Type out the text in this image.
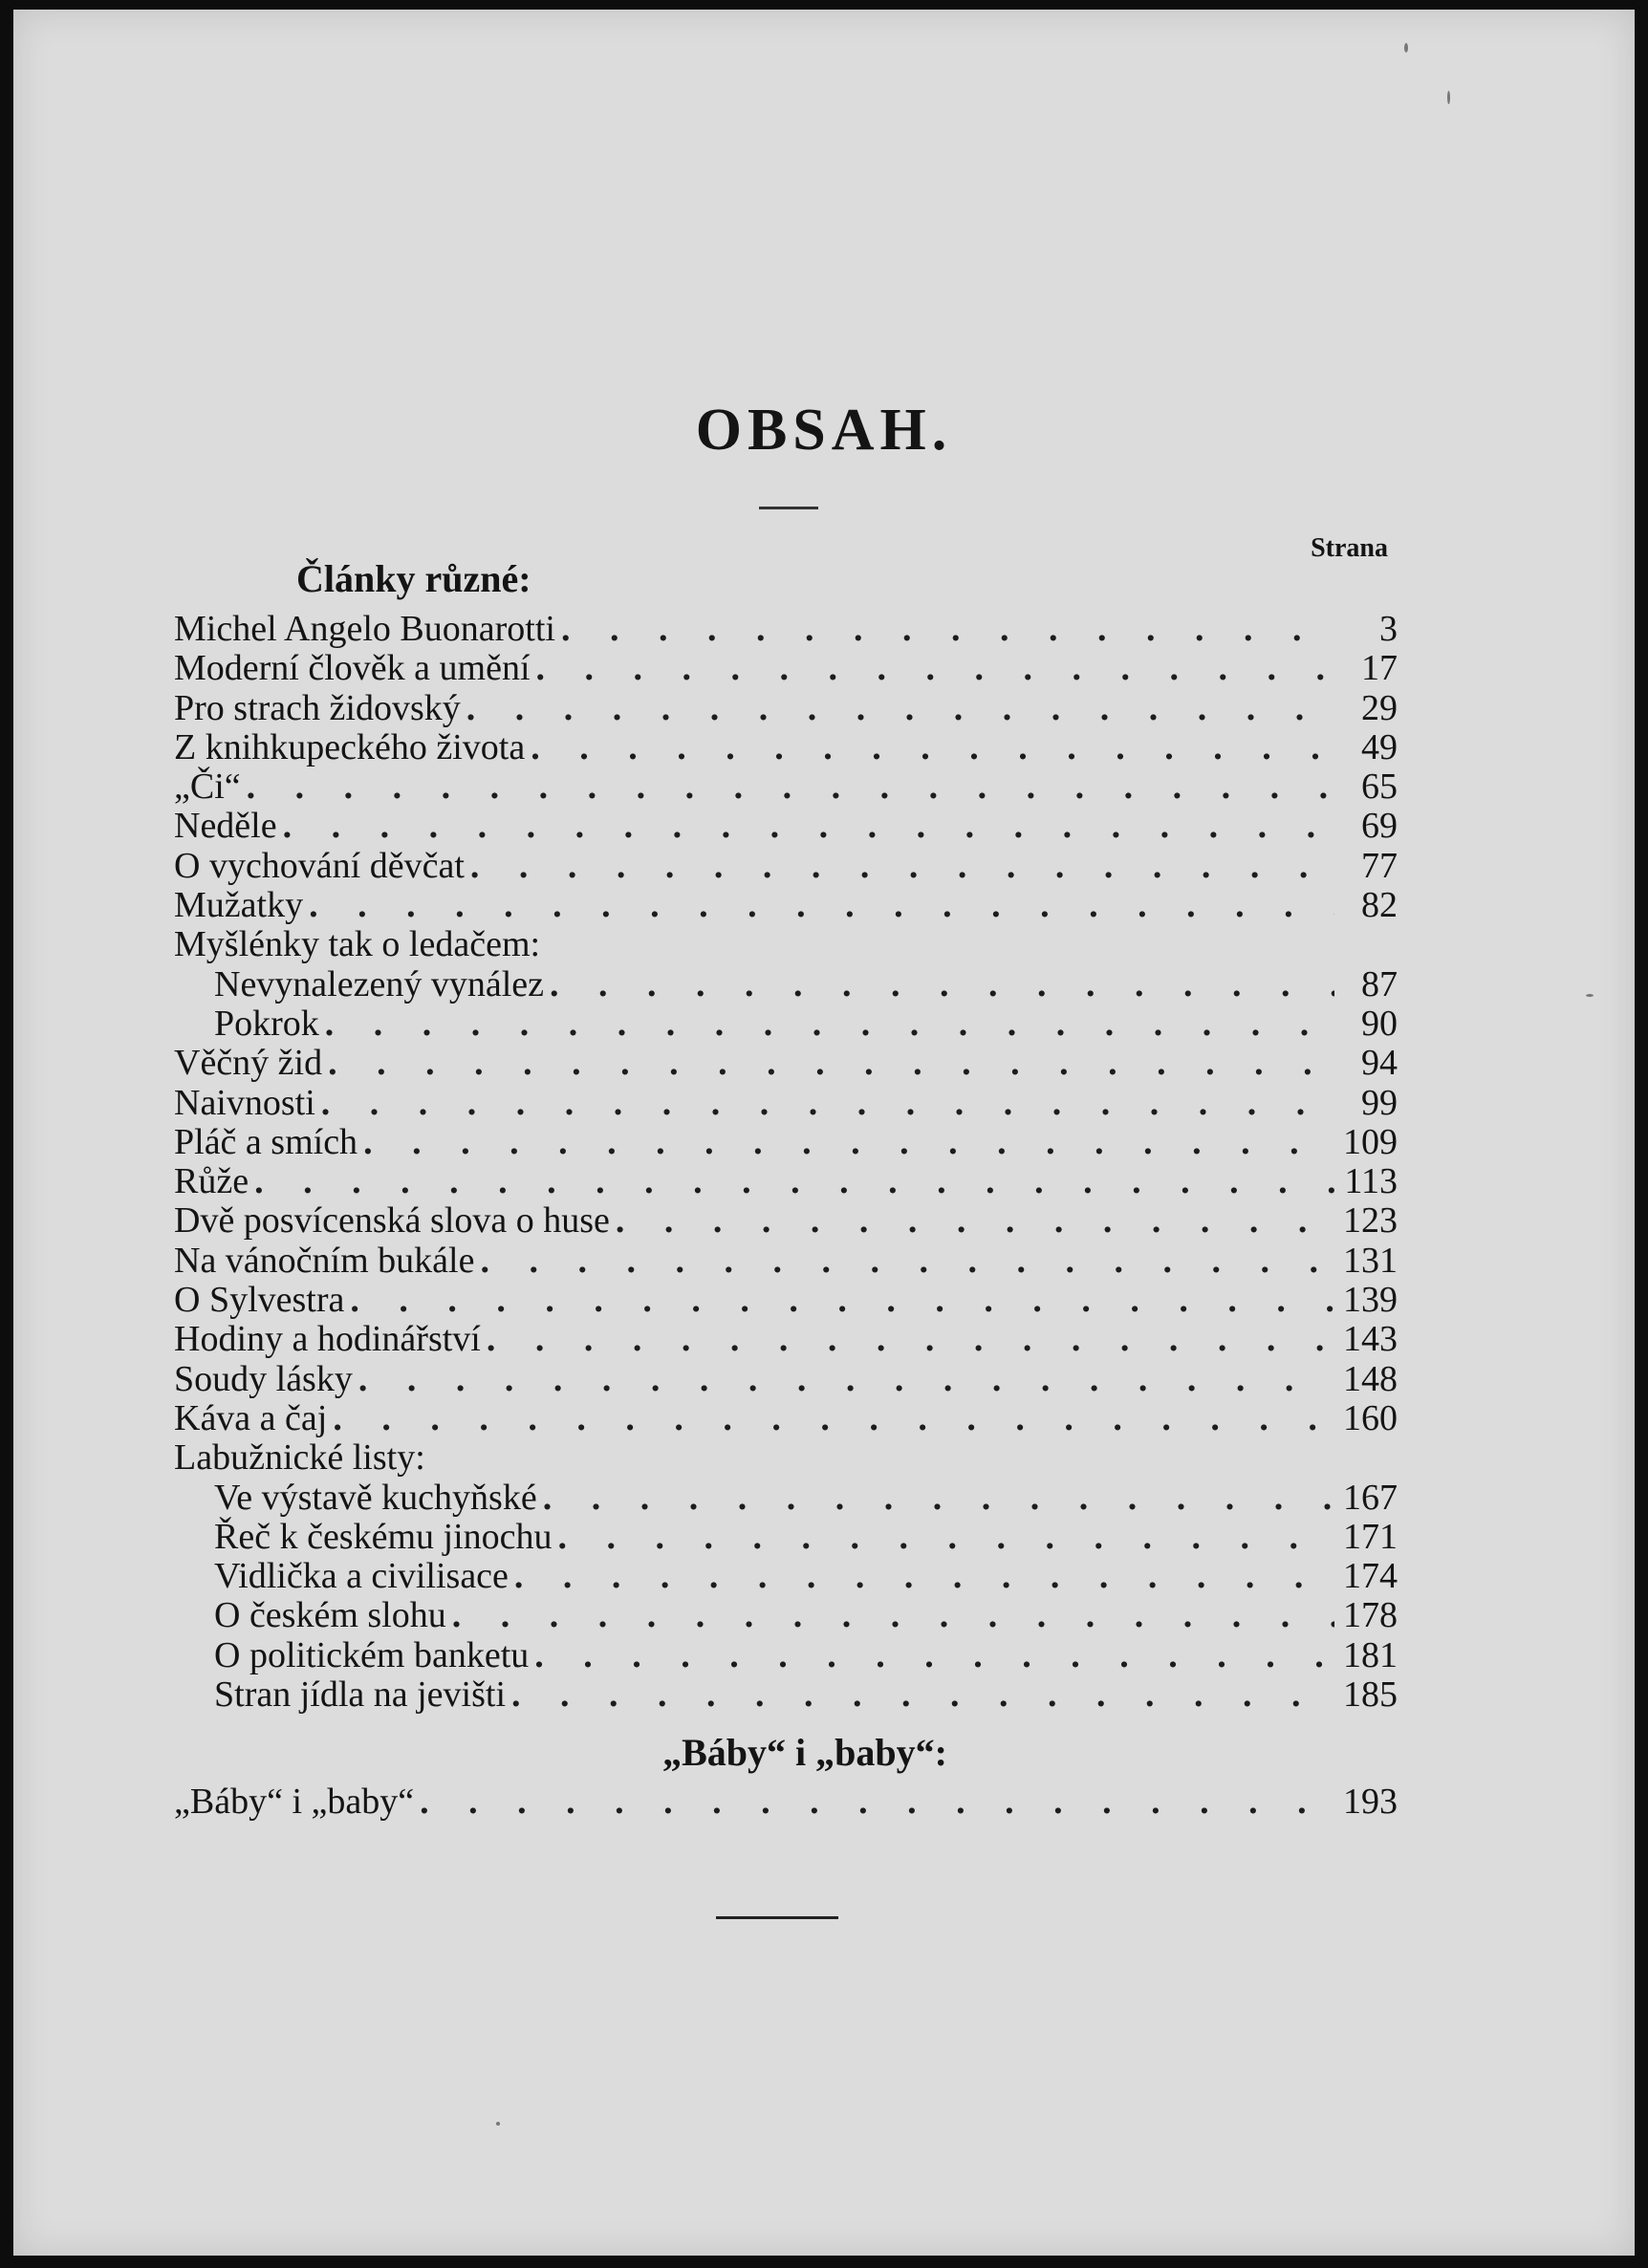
OBSAH.
Strana
Články různé:
Michel Angelo Buonarotti . . .	3
Moderní člověk a umění . . .	17
Pro strach židovský . . .	29
Z knihkupeckého života . . .	49
„Či“ . . .	65
Neděle . . .	69
O vychování děvčat . . .	77
Mužatky . . .	82
Myšlénky tak o ledačem:
Nevynalezený vynález . . .	87
Pokrok . . .	90
Věčný žid . . .	94
Naivnosti . . .	99
Pláč a smích . . .	109
Růže . . .	113
Dvě posvícenská slova o huse . . .	123
Na vánočním bukále . . .	131
O Sylvestra . . .	139
Hodiny a hodinářství . . .	143
Soudy lásky . . .	148
Káva a čaj . . .	160
Labužnické listy:
Ve výstavě kuchyňské . . .	167
Řeč k českému jinochu . . .	171
Vidlička a civilisace . . .	174
O českém slohu . . .	178
O politickém banketu . . .	181
Stran jídla na jevišti . . .	185
„Báby“ i „baby“:
„Báby“ i „baby“ . . .	193
